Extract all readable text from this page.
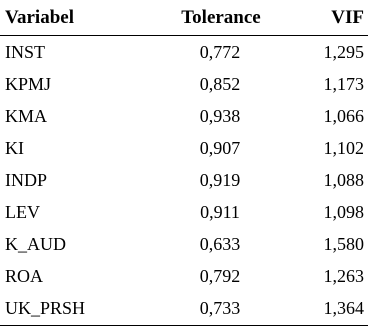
Variabel	Tolerance	VIF
INST	0,772	1,295
KPMJ	0,852	1,173
KMA	0,938	1,066
KI	0,907	1,102
INDP	0,919	1,088
LEV	0,911	1,098
K_AUD	0,633	1,580
ROA	0,792	1,263
UK_PRSH	0,733	1,364
